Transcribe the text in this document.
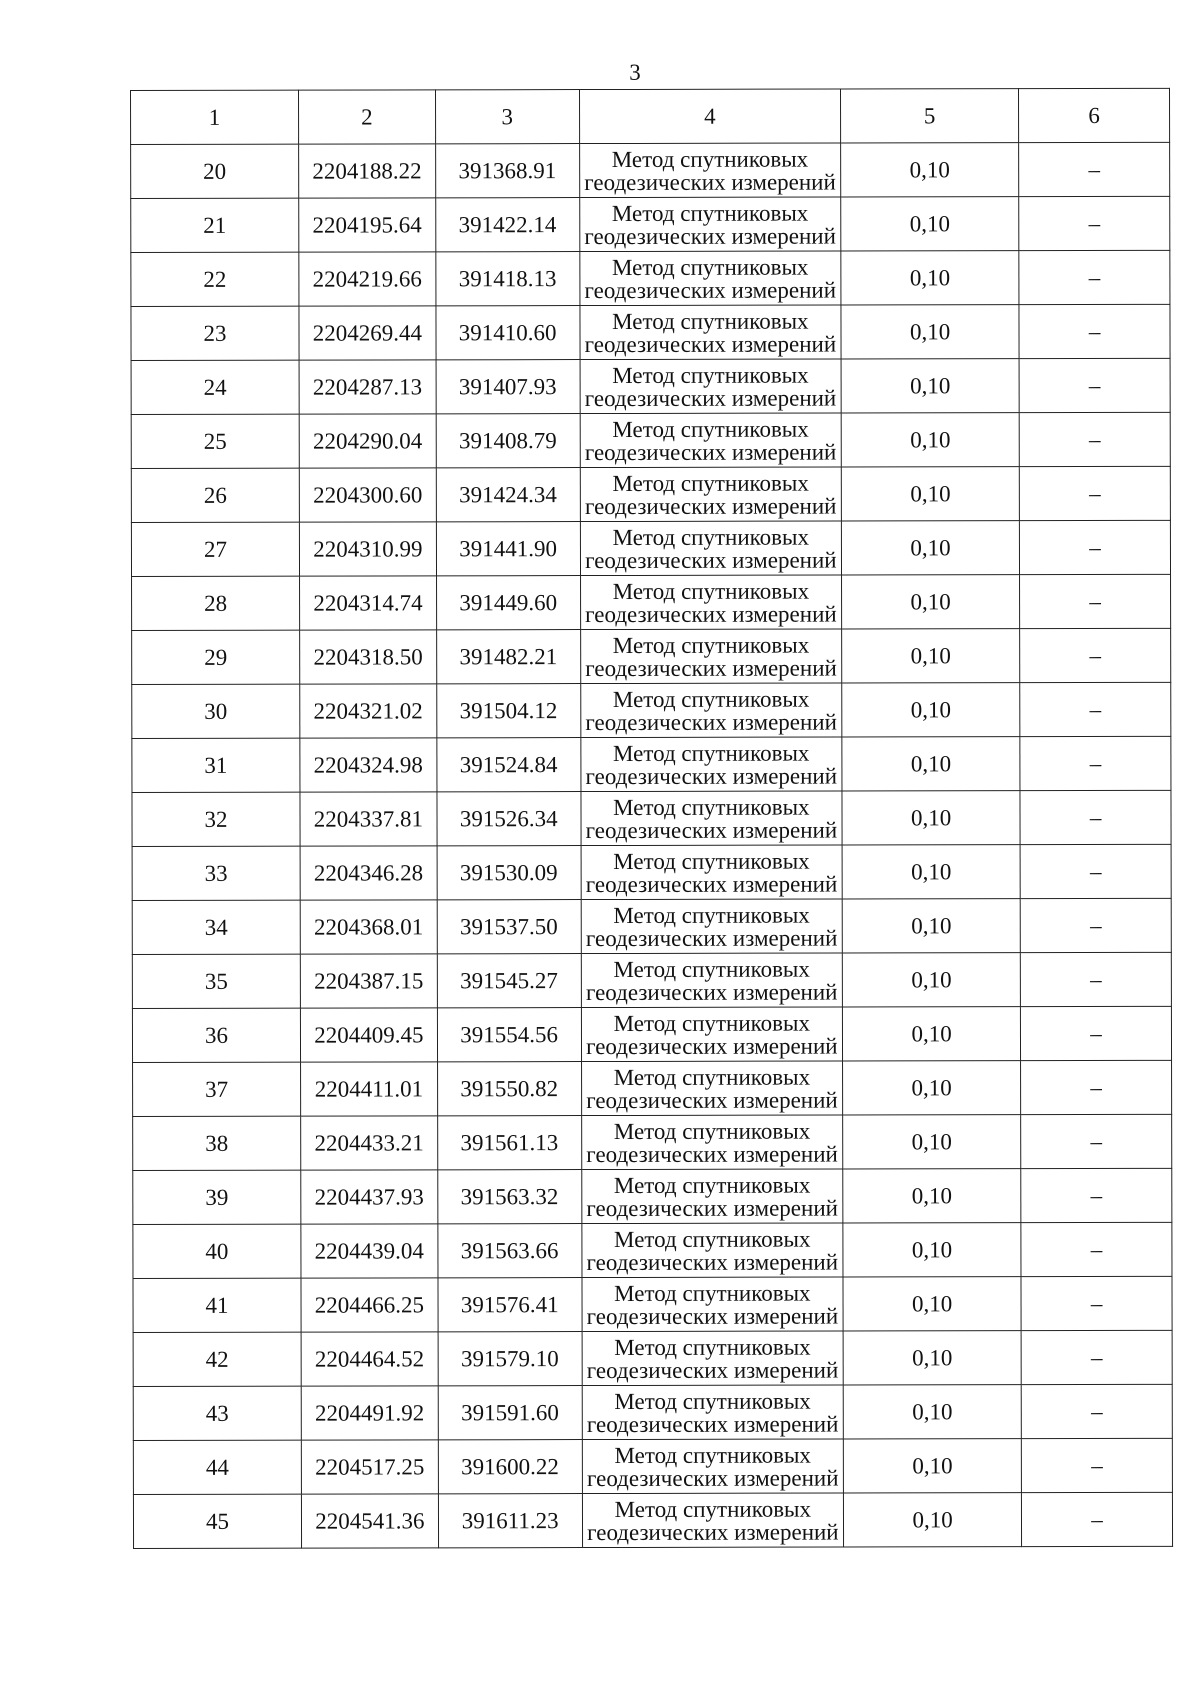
3
1	2	3	4	5	6
20	2204188.22	391368.91	Метод спутниковых
геодезических измерений	0,10	–
21	2204195.64	391422.14	Метод спутниковых
геодезических измерений	0,10	–
22	2204219.66	391418.13	Метод спутниковых
геодезических измерений	0,10	–
23	2204269.44	391410.60	Метод спутниковых
геодезических измерений	0,10	–
24	2204287.13	391407.93	Метод спутниковых
геодезических измерений	0,10	–
25	2204290.04	391408.79	Метод спутниковых
геодезических измерений	0,10	–
26	2204300.60	391424.34	Метод спутниковых
геодезических измерений	0,10	–
27	2204310.99	391441.90	Метод спутниковых
геодезических измерений	0,10	–
28	2204314.74	391449.60	Метод спутниковых
геодезических измерений	0,10	–
29	2204318.50	391482.21	Метод спутниковых
геодезических измерений	0,10	–
30	2204321.02	391504.12	Метод спутниковых
геодезических измерений	0,10	–
31	2204324.98	391524.84	Метод спутниковых
геодезических измерений	0,10	–
32	2204337.81	391526.34	Метод спутниковых
геодезических измерений	0,10	–
33	2204346.28	391530.09	Метод спутниковых
геодезических измерений	0,10	–
34	2204368.01	391537.50	Метод спутниковых
геодезических измерений	0,10	–
35	2204387.15	391545.27	Метод спутниковых
геодезических измерений	0,10	–
36	2204409.45	391554.56	Метод спутниковых
геодезических измерений	0,10	–
37	2204411.01	391550.82	Метод спутниковых
геодезических измерений	0,10	–
38	2204433.21	391561.13	Метод спутниковых
геодезических измерений	0,10	–
39	2204437.93	391563.32	Метод спутниковых
геодезических измерений	0,10	–
40	2204439.04	391563.66	Метод спутниковых
геодезических измерений	0,10	–
41	2204466.25	391576.41	Метод спутниковых
геодезических измерений	0,10	–
42	2204464.52	391579.10	Метод спутниковых
геодезических измерений	0,10	–
43	2204491.92	391591.60	Метод спутниковых
геодезических измерений	0,10	–
44	2204517.25	391600.22	Метод спутниковых
геодезических измерений	0,10	–
45	2204541.36	391611.23	Метод спутниковых
геодезических измерений	0,10	–
